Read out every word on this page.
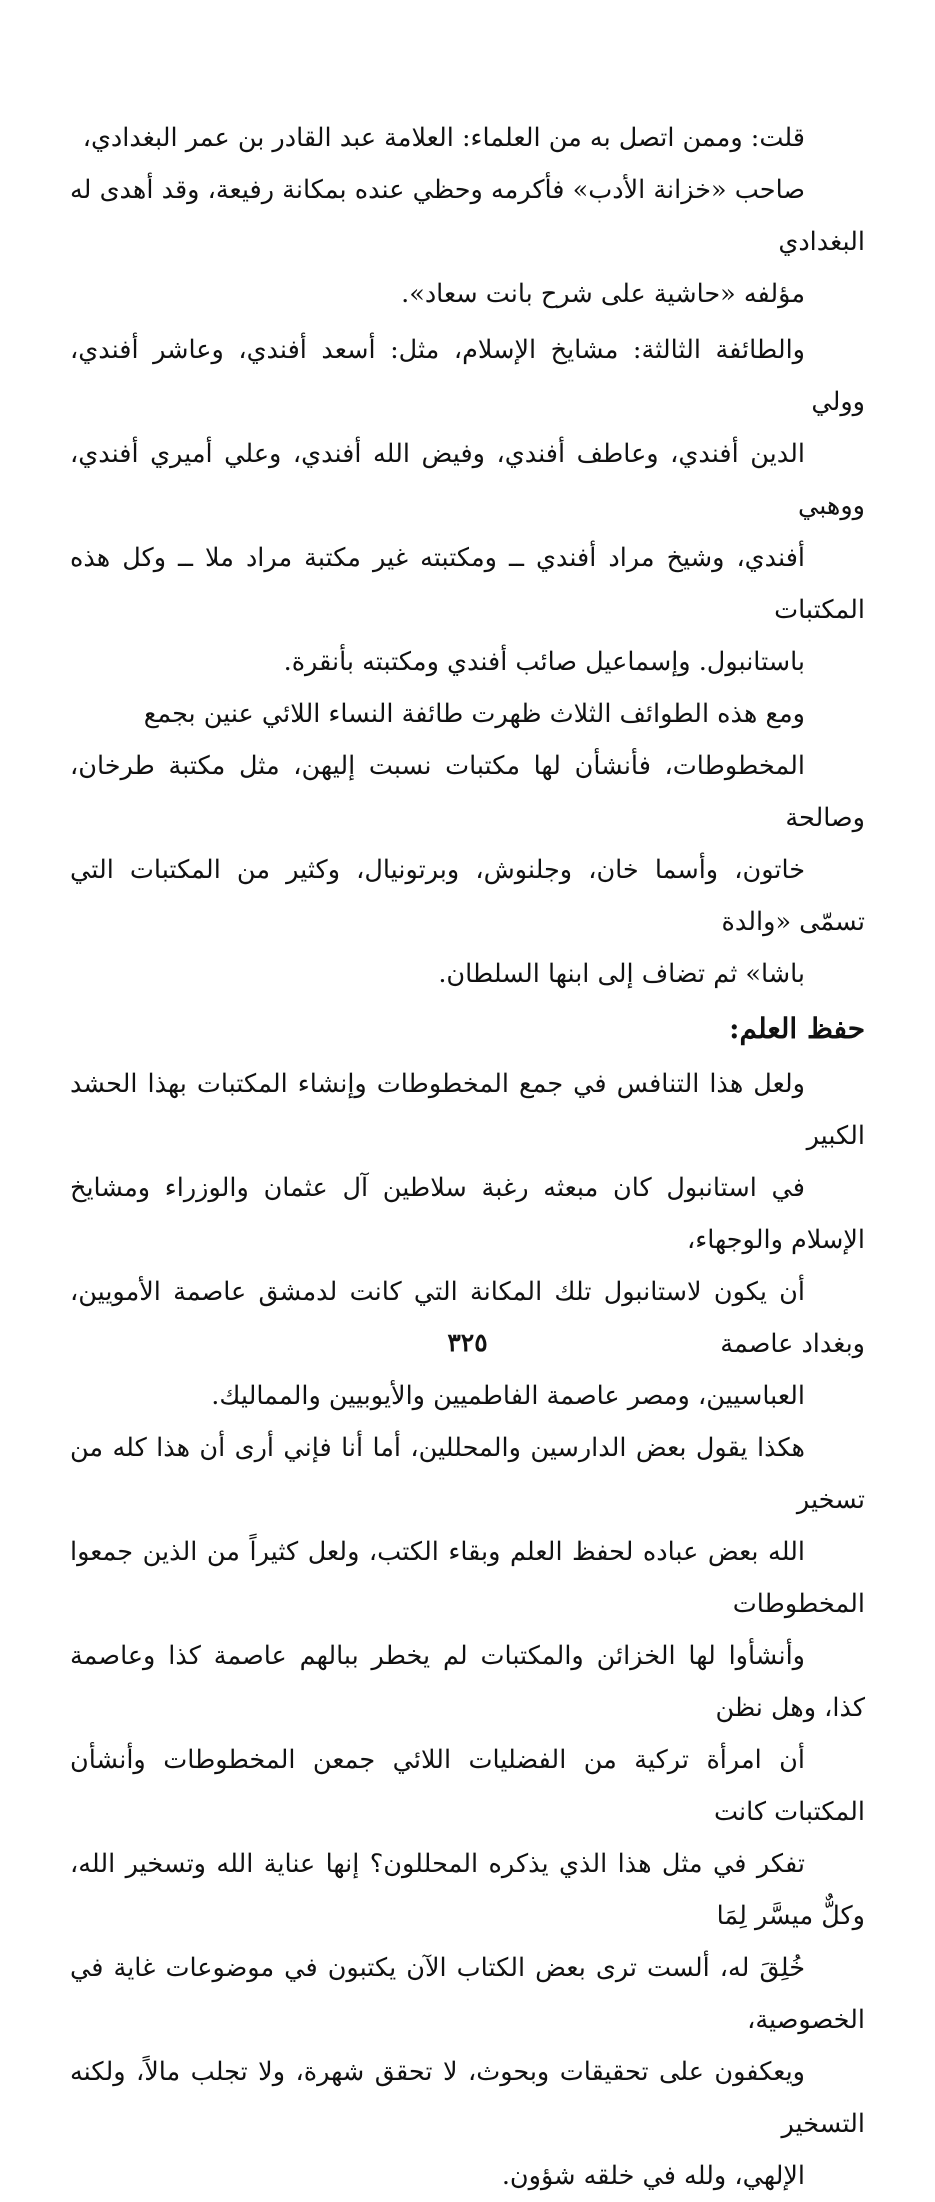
قلت: وممن اتصل به من العلماء: العلامة عبد القادر بن عمر البغدادي،
صاحب «خزانة الأدب» فأكرمه وحظي عنده بمكانة رفيعة، وقد أهدى له البغدادي
مؤلفه «حاشية على شرح بانت سعاد».

والطائفة الثالثة: مشايخ الإسلام، مثل: أسعد أفندي، وعاشر أفندي، وولي
الدين أفندي، وعاطف أفندي، وفيض الله أفندي، وعلي أميري أفندي، ووهبي
أفندي، وشيخ مراد أفندي ــ ومكتبته غير مكتبة مراد ملا ــ وكل هذه المكتبات
باستانبول. وإسماعيل صائب أفندي ومكتبته بأنقرة.

ومع هذه الطوائف الثلاث ظهرت طائفة النساء اللائي عنين بجمع
المخطوطات، فأنشأن لها مكتبات نسبت إليهن، مثل مكتبة طرخان، وصالحة
خاتون، وأسما خان، وجلنوش، وبرتونيال، وكثير من المكتبات التي تسمّى «والدة
باشا» ثم تضاف إلى ابنها السلطان.

حفظ العلم:

ولعل هذا التنافس في جمع المخطوطات وإنشاء المكتبات بهذا الحشد الكبير
في استانبول كان مبعثه رغبة سلاطين آل عثمان والوزراء ومشايخ الإسلام والوجهاء،
أن يكون لاستانبول تلك المكانة التي كانت لدمشق عاصمة الأمويين، وبغداد عاصمة
العباسيين، ومصر عاصمة الفاطميين والأيوبيين والمماليك.

هكذا يقول بعض الدارسين والمحللين، أما أنا فإني أرى أن هذا كله من تسخير
الله بعض عباده لحفظ العلم وبقاء الكتب، ولعل كثيراً من الذين جمعوا المخطوطات
وأنشأوا لها الخزائن والمكتبات لم يخطر ببالهم عاصمة كذا وعاصمة كذا، وهل نظن
أن امرأة تركية من الفضليات اللائي جمعن المخطوطات وأنشأن المكتبات كانت
تفكر في مثل هذا الذي يذكره المحللون؟ إنها عناية الله وتسخير الله، وكلٌّ ميسَّر لِمَا
خُلِقَ له، ألست ترى بعض الكتاب الآن يكتبون في موضوعات غاية في الخصوصية،
ويعكفون على تحقيقات وبحوث، لا تحقق شهرة، ولا تجلب مالاً، ولكنه التسخير
الإلهي، ولله في خلقه شؤون.

٣٢٥
